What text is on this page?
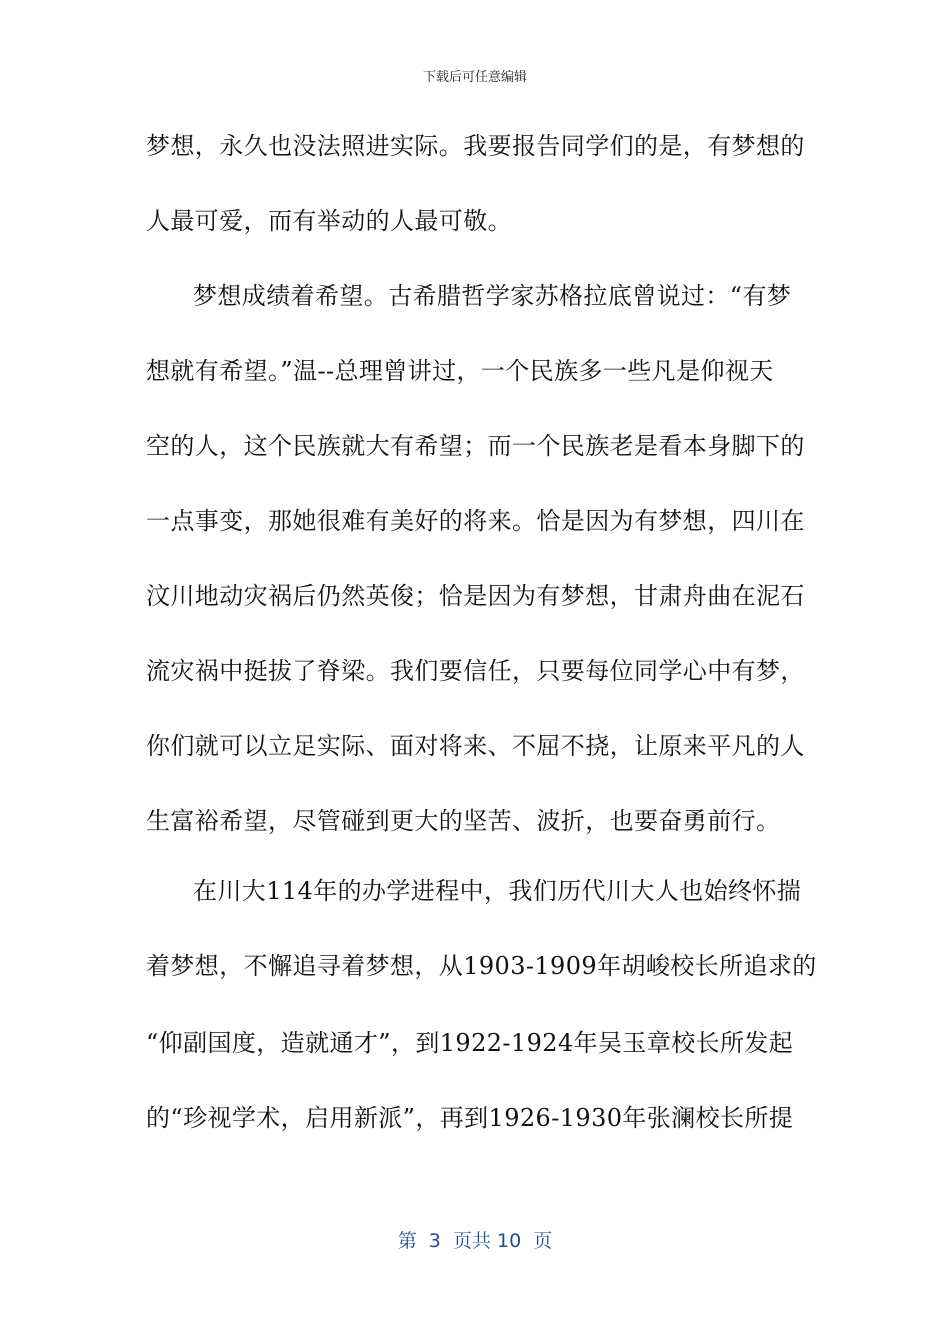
下载后可任意编辑
梦想，永久也没法照进实际。我要报告同学们的是，有梦想的
人最可爱，而有举动的人最可敬。
梦想成绩着希望。古希腊哲学家苏格拉底曾说过：“有梦
想就有希望。”温--总理曾讲过，一个民族多一些凡是仰视天
空的人，这个民族就大有希望；而一个民族老是看本身脚下的
一点事变，那她很难有美好的将来。恰是因为有梦想，四川在
汶川地动灾祸后仍然英俊；恰是因为有梦想，甘肃舟曲在泥石
流灾祸中挺拔了脊梁。我们要信任，只要每位同学心中有梦，
你们就可以立足实际、面对将来、不屈不挠，让原来平凡的人
生富裕希望，尽管碰到更大的坚苦、波折，也要奋勇前行。
在川大114年的办学进程中，我们历代川大人也始终怀揣
着梦想，不懈追寻着梦想，从1903-1909年胡峻校长所追求的
“仰副国度，造就通才”，到1922-1924年吴玉章校长所发起
的“珍视学术，启用新派”，再到1926-1930年张澜校长所提
第  3  页共 10  页
